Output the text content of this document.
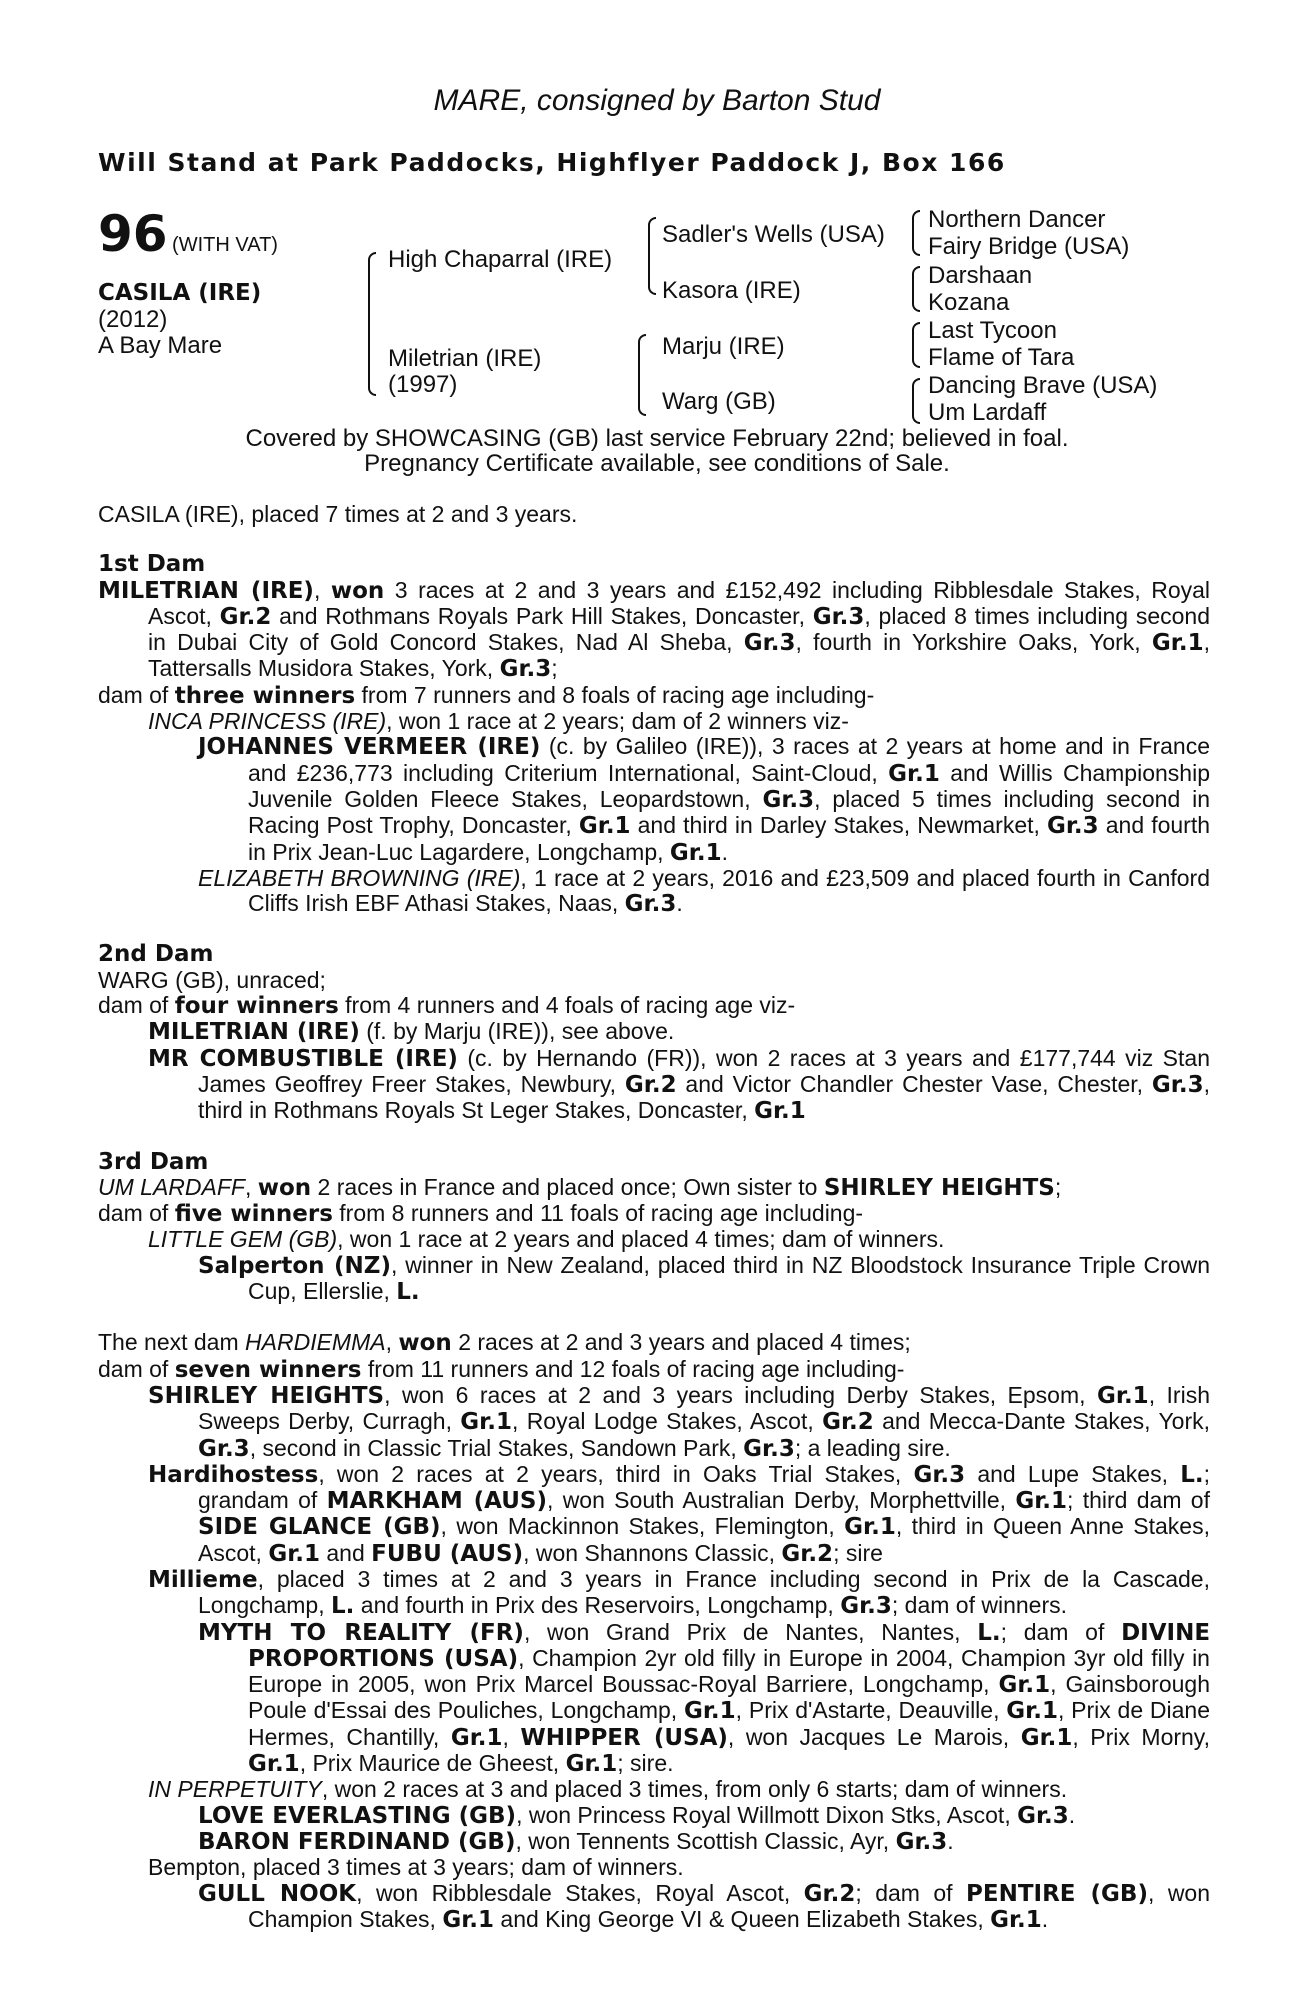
MARE, consigned by Barton Stud
Will Stand at Park Paddocks, Highflyer Paddock J, Box 166
96 (WITH VAT)
CASILA (IRE)
(2012)
A Bay Mare
High Chaparral (IRE)
Miletrian (IRE)
(1997)
Sadler's Wells (USA)
Kasora (IRE)
Marju (IRE)
Warg (GB)
Northern Dancer
Fairy Bridge (USA)
Darshaan
Kozana
Last Tycoon
Flame of Tara
Dancing Brave (USA)
Um Lardaff
Covered by SHOWCASING (GB) last service February 22nd; believed in foal.
Pregnancy Certificate available, see conditions of Sale.

CASILA (IRE), placed 7 times at 2 and 3 years.

1st Dam

MILETRIAN (IRE), won 3 races at 2 and 3 years and £152,492 including Ribblesdale Stakes, Royal Ascot, Gr.2 and Rothmans Royals Park Hill Stakes, Doncaster, Gr.3, placed 8 times including second in Dubai City of Gold Concord Stakes, Nad Al Sheba, Gr.3, fourth in Yorkshire Oaks, York, Gr.1, Tattersalls Musidora Stakes, York, Gr.3;

dam of three winners from 7 runners and 8 foals of racing age including-

INCA PRINCESS (IRE), won 1 race at 2 years; dam of 2 winners viz-

JOHANNES VERMEER (IRE) (c. by Galileo (IRE)), 3 races at 2 years at home and in France and £236,773 including Criterium International, Saint-Cloud, Gr.1 and Willis Championship Juvenile Golden Fleece Stakes, Leopardstown, Gr.3, placed 5 times including second in Racing Post Trophy, Doncaster, Gr.1 and third in Darley Stakes, Newmarket, Gr.3 and fourth in Prix Jean-Luc Lagardere, Longchamp, Gr.1.

ELIZABETH BROWNING (IRE), 1 race at 2 years, 2016 and £23,509 and placed fourth in Canford Cliffs Irish EBF Athasi Stakes, Naas, Gr.3.

2nd Dam

WARG (GB), unraced;

dam of four winners from 4 runners and 4 foals of racing age viz-

MILETRIAN (IRE) (f. by Marju (IRE)), see above.

MR COMBUSTIBLE (IRE) (c. by Hernando (FR)), won 2 races at 3 years and £177,744 viz Stan James Geoffrey Freer Stakes, Newbury, Gr.2 and Victor Chandler Chester Vase, Chester, Gr.3, third in Rothmans Royals St Leger Stakes, Doncaster, Gr.1

3rd Dam

UM LARDAFF, won 2 races in France and placed once; Own sister to SHIRLEY HEIGHTS;

dam of five winners from 8 runners and 11 foals of racing age including-

LITTLE GEM (GB), won 1 race at 2 years and placed 4 times; dam of winners.

Salperton (NZ), winner in New Zealand, placed third in NZ Bloodstock Insurance Triple Crown Cup, Ellerslie, L.

The next dam HARDIEMMA, won 2 races at 2 and 3 years and placed 4 times;

dam of seven winners from 11 runners and 12 foals of racing age including-

SHIRLEY HEIGHTS, won 6 races at 2 and 3 years including Derby Stakes, Epsom, Gr.1, Irish Sweeps Derby, Curragh, Gr.1, Royal Lodge Stakes, Ascot, Gr.2 and Mecca-Dante Stakes, York, Gr.3, second in Classic Trial Stakes, Sandown Park, Gr.3; a leading sire.

Hardihostess, won 2 races at 2 years, third in Oaks Trial Stakes, Gr.3 and Lupe Stakes, L.; grandam of MARKHAM (AUS), won South Australian Derby, Morphettville, Gr.1; third dam of SIDE GLANCE (GB), won Mackinnon Stakes, Flemington, Gr.1, third in Queen Anne Stakes, Ascot, Gr.1 and FUBU (AUS), won Shannons Classic, Gr.2; sire

Millieme, placed 3 times at 2 and 3 years in France including second in Prix de la Cascade, Longchamp, L. and fourth in Prix des Reservoirs, Longchamp, Gr.3; dam of winners.

MYTH TO REALITY (FR), won Grand Prix de Nantes, Nantes, L.; dam of DIVINE PROPORTIONS (USA), Champion 2yr old filly in Europe in 2004, Champion 3yr old filly in Europe in 2005, won Prix Marcel Boussac-Royal Barriere, Longchamp, Gr.1, Gainsborough Poule d'Essai des Pouliches, Longchamp, Gr.1, Prix d'Astarte, Deauville, Gr.1, Prix de Diane Hermes, Chantilly, Gr.1, WHIPPER (USA), won Jacques Le Marois, Gr.1, Prix Morny, Gr.1, Prix Maurice de Gheest, Gr.1; sire.

IN PERPETUITY, won 2 races at 3 and placed 3 times, from only 6 starts; dam of winners.

LOVE EVERLASTING (GB), won Princess Royal Willmott Dixon Stks, Ascot, Gr.3.

BARON FERDINAND (GB), won Tennents Scottish Classic, Ayr, Gr.3.

Bempton, placed 3 times at 3 years; dam of winners.

GULL NOOK, won Ribblesdale Stakes, Royal Ascot, Gr.2; dam of PENTIRE (GB), won Champion Stakes, Gr.1 and King George VI & Queen Elizabeth Stakes, Gr.1.
